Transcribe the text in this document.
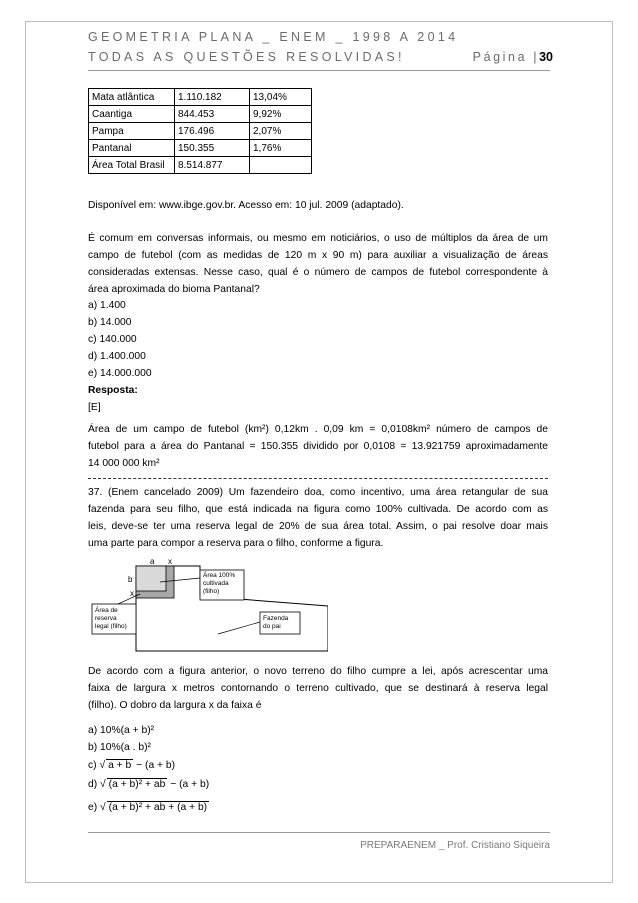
GEOMETRIA PLANA _ ENEM _ 1998 A 2014
TODAS AS QUESTÕES RESOLVIDAS!	Página |30
Mata atlântica	1.110.182	13,04%
Caantiga	844.453	9,92%
Pampa	176.496	2,07%
Pantanal	150.355	1,76%
Área Total Brasil	8.514.877	
Disponível em: www.ibge.gov.br. Acesso em: 10 jul. 2009 (adaptado).
É comum em conversas informais, ou mesmo em noticiários, o uso de múltiplos da área de um
campo de futebol (com as medidas de 120 m x 90 m) para auxiliar a visualização de áreas
consideradas extensas. Nesse caso, qual é o número de campos de futebol correspondente à
área aproximada do bioma Pantanal?
a) 1.400
b) 14.000
c) 140.000
d) 1.400.000
e) 14.000.000
Resposta:
[E]
Área de um campo de futebol (km²) 0,12km . 0,09 km = 0,0108km² número de campos de
futebol para a área do Pantanal = 150.355 dividido por 0,0108 = 13.921759 aproximadamente
14 000 000 km²
37. (Enem cancelado 2009) Um fazendeiro doa, como incentivo, uma área retangular de sua
fazenda para seu filho, que está indicada na figura como 100% cultivada. De acordo com as
leis, deve-se ter uma reserva legal de 20% de sua área total. Assim, o pai resolve doar mais
uma parte para compor a reserva para o filho, conforme a figura.
a x
b
x
Área 100%
cultivada
(filho)
Área de
reserva
legal (filho)
Fazenda
do pai
De acordo com a figura anterior, o novo terreno do filho cumpre a lei, após acrescentar uma
faixa de largura x metros contornando o terreno cultivado, que se destinará à reserva legal
(filho). O dobro da largura x da faixa é
a) 10%(a + b)²
b) 10%(a . b)²
c) √ a + b − (a + b)
d) √ (a + b)² + ab − (a + b)
e) √ (a + b)² + ab + (a + b)
PREPARAENEM _ Prof. Cristiano Siqueira
